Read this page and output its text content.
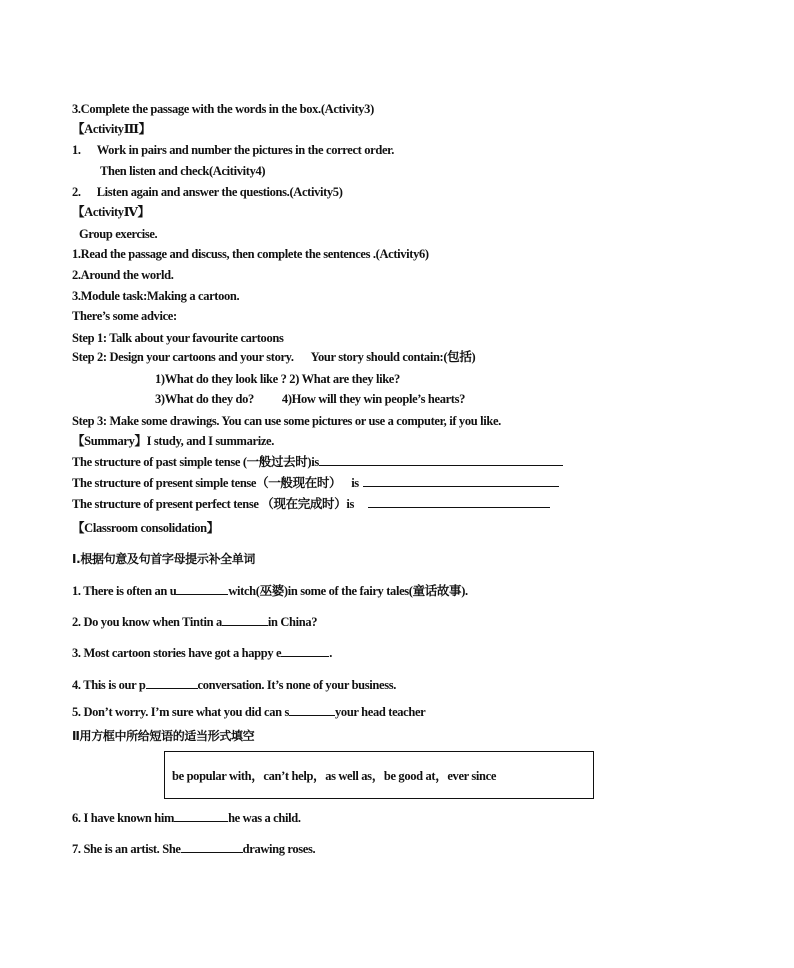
3.Complete the passage with the words in the box.(Activity3)
【ActivityⅢ】
1. Work in pairs and number the pictures in the correct order.
Then listen and check(Acitivity4)
2. Listen again and answer the questions.(Activity5)
【ActivityⅣ】
Group exercise.
1.Read the passage and discuss, then complete the sentences .(Activity6)
2.Around the world.
3.Module task:Making a cartoon.
There’s some advice:
Step 1: Talk about your favourite cartoons
Step 2: Design your cartoons and your story. Your story should contain:(包括)
1)What do they look like ? 2) What are they like?
3)What do they do? 4)How will they win people’s hearts?
Step 3: Make some drawings. You can use some pictures or use a computer, if you like.
【Summary】I study, and I summarize.
The structure of past simple tense (一般过去时)is
The structure of present simple tense（一般现在时） is
The structure of present perfect tense （现在完成时）is
【Classroom consolidation】
I.根据句意及句首字母提示补全单词
1. There is often an u	witch(巫婆)in some of the fairy tales(童话故事).
2. Do you know when Tintin a	in China?
3. Most cartoon stories have got a happy e	.
4. This is our p	conversation. It’s none of your business.
5. Don’t worry. I’m sure what you did can s	your head teacher
Ⅱ用方框中所给短语的适当形式填空
be popular with，can’t help，as well as，be good at，ever since
6. I have known him	he was a child.
7. She is an artist. She	drawing roses.
